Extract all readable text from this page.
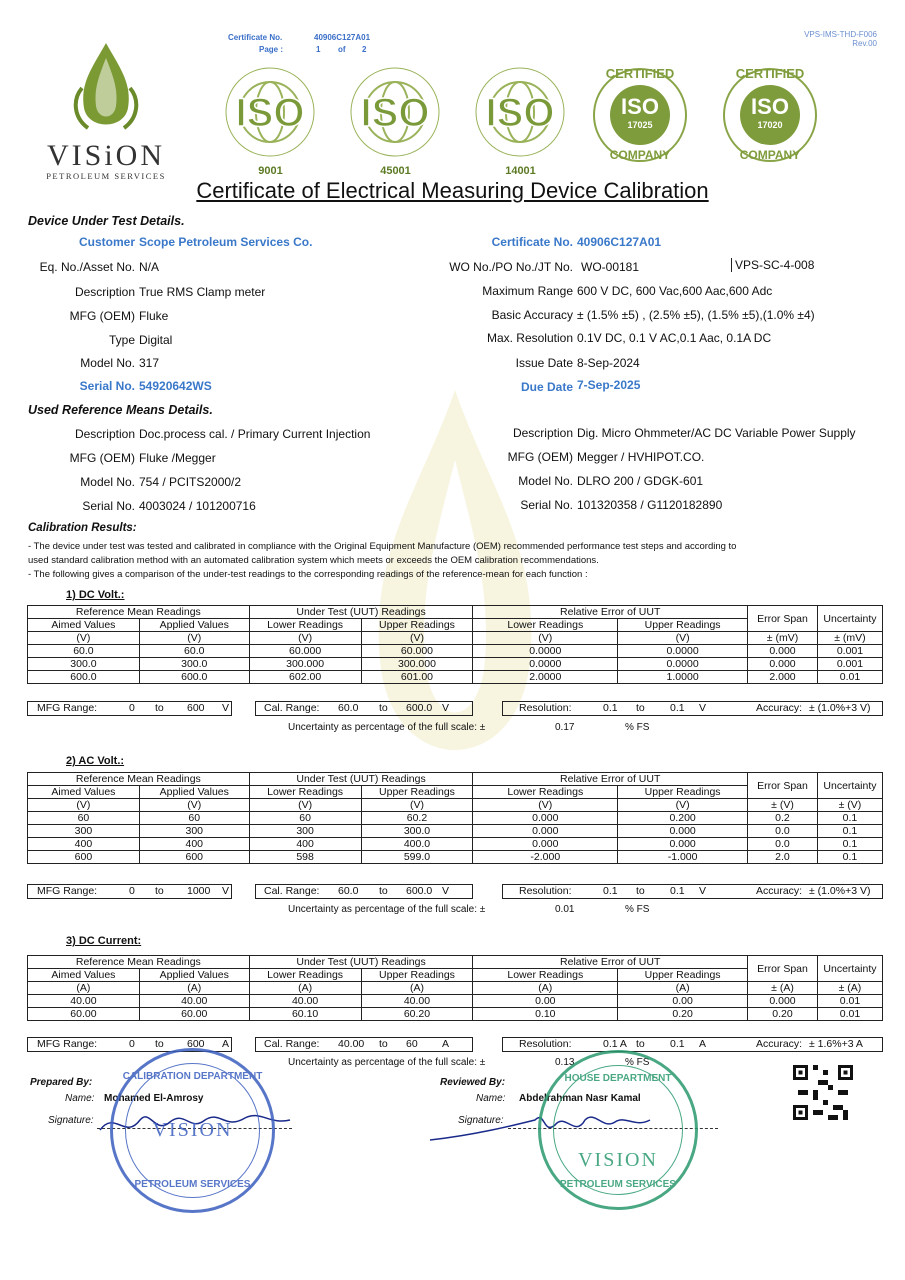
Certificate No.	40906C127A01
Page :	1 of 2
VPS-IMS-THD-F006
Rev.00
VISiON
PETROLEUM SERVICES
ISO
9001
ISO
45001
ISO
14001
CERTIFIED
ISO
17025
COMPANY
CERTIFIED
ISO
17020
COMPANY
Certificate of Electrical Measuring Device Calibration
Device Under Test Details.
Customer Scope Petroleum Services Co.	Certificate No. 40906C127A01
Eq. No./Asset No. N/A	WO No./PO No./JT No. WO-00181	VPS-SC-4-008
Description True RMS Clamp meter	Maximum Range 600 V DC, 600 Vac,600 Aac,600 Adc
MFG (OEM) Fluke	Basic Accuracy ± (1.5% ±5) , (2.5% ±5), (1.5% ±5),(1.0% ±4)
Type Digital	Max. Resolution 0.1V DC, 0.1 V AC,0.1 Aac, 0.1A DC
Model No. 317	Issue Date 8-Sep-2024
Serial No. 54920642WS	Due Date 7-Sep-2025
Used Reference Means Details.
Description Doc.process cal. / Primary Current Injection	Description Dig. Micro Ohmmeter/AC DC Variable Power Supply
MFG (OEM) Fluke /Megger	MFG (OEM) Megger / HVHIPOT.CO.
Model No. 754 / PCITS2000/2	Model No. DLRO 200 / GDGK-601
Serial No. 4003024 / 101200716	Serial No. 101320358 / G1120182890
Calibration Results:
- The device under test was tested and calibrated in compliance with the Original Equipment Manufacture (OEM) recommended performance test steps and according to
used standard calibration method with an automated calibration system which meets or exceeds the OEM calibration recommendations.
- The following gives a comparison of the under-test readings to the corresponding readings of the reference-mean for each function :
1) DC Volt.:
Reference Mean Readings		Under Test (UUT) Readings		Relative Error of UUT		Error Span	Uncertainty
Aimed Values	Applied Values	Lower Readings	Upper Readings	Lower Readings	Upper Readings		
(V)	(V)	(V)	(V)	(V)	(V)	± (mV)	± (mV)
60.0	60.0	60.000	60.000	0.0000	0.0000	0.000	0.001
300.0	300.0	300.000	300.000	0.0000	0.0000	0.000	0.001
600.0	600.0	602.00	601.00	2.0000	1.0000	2.000	0.01
MFG Range:	0 to 600 V	Cal. Range: 60.0 to 600.0 V	Resolution:	0.1 to 0.1 V	Accuracy: ± (1.0%+3 V)
Uncertainty as percentage of the full scale: ±	0.17	% FS
2) AC Volt.:
Reference Mean Readings		Under Test (UUT) Readings		Relative Error of UUT		Error Span	Uncertainty
Aimed Values	Applied Values	Lower Readings	Upper Readings	Lower Readings	Upper Readings		
(V)	(V)	(V)	(V)	(V)	(V)	± (V)	± (V)
60	60	60	60.2	0.000	0.200	0.2	0.1
300	300	300	300.0	0.000	0.000	0.0	0.1
400	400	400	400.0	0.000	0.000	0.0	0.1
600	600	598	599.0	-2.000	-1.000	2.0	0.1
MFG Range:	0 to 1000 V	Cal. Range: 60.0 to 600.0 V	Resolution:	0.1 to 0.1 V	Accuracy: ± (1.0%+3 V)
Uncertainty as percentage of the full scale: ±	0.01	% FS
3) DC Current:
Reference Mean Readings		Under Test (UUT) Readings		Relative Error of UUT		Error Span	Uncertainty
Aimed Values	Applied Values	Lower Readings	Upper Readings	Lower Readings	Upper Readings		
(A)	(A)	(A)	(A)	(A)	(A)	± (A)	± (A)
40.00	40.00	40.00	40.00	0.00	0.00	0.000	0.01
60.00	60.00	60.10	60.20	0.10	0.20	0.20	0.01
MFG Range:	0 to 600 A	Cal. Range: 40.00 to 60 A	Resolution:	0.1 A to 0.1 A	Accuracy: ± 1.6%+3 A
Uncertainty as percentage of the full scale: ±	0.13	% FS
Prepared By:
Name: Mohamed El-Amrosy
Signature:
CALIBRATION DEPARTMENT
VISION
PETROLEUM SERVICES
Reviewed By:
Name: Abdelrahman Nasr Kamal
Signature:
HOUSE DEPARTMENT
VISION
PETROLEUM SERVICES
